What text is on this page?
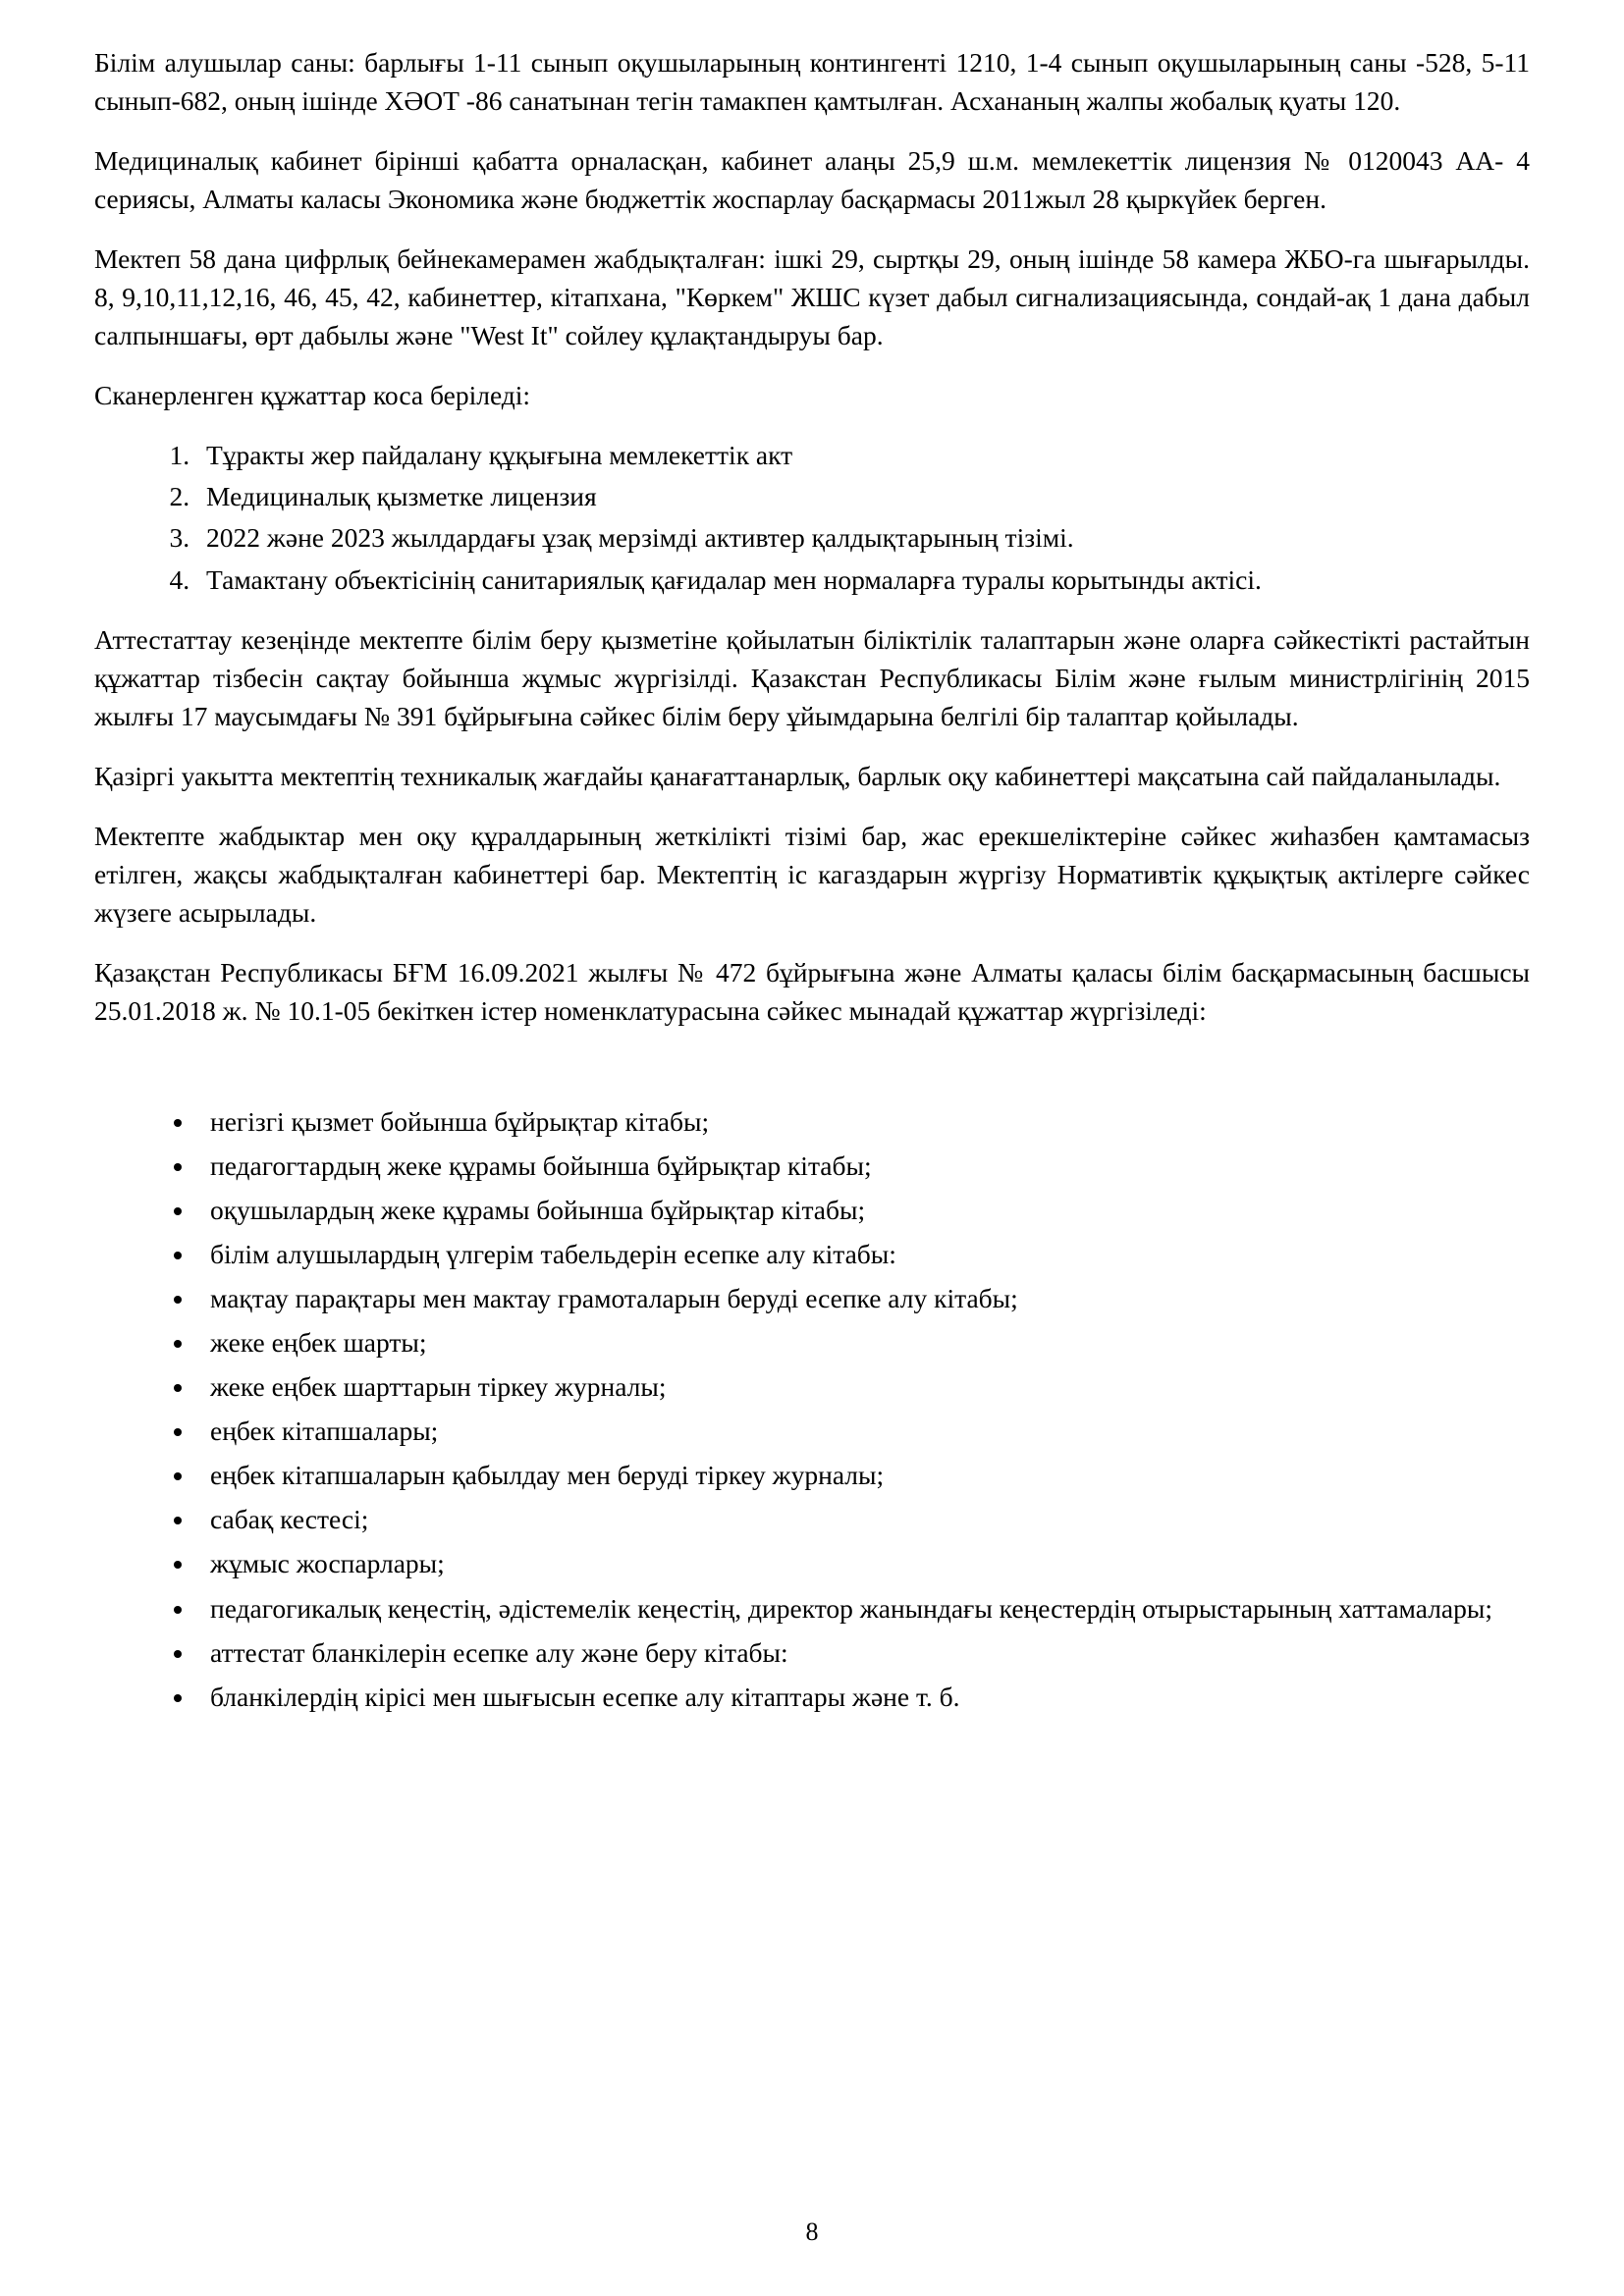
Білім алушылар саны: барлығы 1-11 сынып оқушыларының контингенті 1210, 1-4 сынып оқушыларының саны -528, 5-11 сынып-682, оның ішінде ХӘОТ -86 санатынан тегін тамакпен қамтылған. Асхананың жалпы жобалық қуаты 120.

Медициналық кабинет бірінші қабатта орналасқан, кабинет алаңы 25,9 ш.м. мемлекеттік лицензия № 0120043 АА- 4 сериясы, Алматы каласы Экономика және бюджеттік жоспарлау басқармасы 2011жыл 28 қыркүйек берген.

Мектеп 58 дана цифрлық бейнекамерамен жабдықталған: ішкі 29, сыртқы 29, оның ішінде 58 камера ЖБО-га шығарылды. 8, 9,10,11,12,16, 46, 45, 42, кабинеттер, кітапхана, "Көркем" ЖШС күзет дабыл сигнализациясында, сондай-ақ 1 дана дабыл салпыншағы, өрт дабылы және "West It" сойлеу құлақтандыруы бар.

Сканерленген құжаттар коса беріледі:

1. Тұракты жер пайдалану құқығына мемлекеттік акт
2. Медициналық қызметке лицензия
3. 2022 және 2023 жылдардағы ұзақ мерзімді активтер қалдықтарының тізімі.
4. Тамактану объектісінің санитариялық қағидалар мен нормаларға туралы корытынды актісі.

Аттестаттау кезеңінде мектепте білім беру қызметіне қойылатын біліктілік талаптарын және оларға сәйкестікті растайтын құжаттар тізбесін сақтау бойынша жұмыс жүргізілді. Қазакстан Республикасы Білім және ғылым министрлігінің 2015 жылғы 17 маусымдағы № 391 бұйрығына сәйкес білім беру ұйымдарына белгілі бір талаптар қойылады.

Қазіргі уакытта мектептің техникалық жағдайы қанағаттанарлық, барлык оқу кабинеттері мақсатына сай пайдаланылады.

Мектепте жабдыктар мен оқу құралдарының жеткілікті тізімі бар, жас ерекшеліктеріне сәйкес жиһазбен қамтамасыз етілген, жақсы жабдықталған кабинеттері бар. Мектептің іс кагаздарын жүргізу Нормативтік құқықтық актілерге сәйкес жүзеге асырылады.

Қазақстан Республикасы БҒМ 16.09.2021 жылғы № 472 бұйрығына және Алматы қаласы білім басқармасының басшысы 25.01.2018 ж. № 10.1-05 бекіткен істер номенклатурасына сәйкес мынадай құжаттар жүргізіледі:

• негізгі қызмет бойынша бұйрықтар кітабы;
• педагогтардың жеке құрамы бойынша бұйрықтар кітабы;
• оқушылардың жеке құрамы бойынша бұйрықтар кітабы;
• білім алушылардың үлгерім табельдерін есепке алу кітабы:
• мақтау парақтары мен мактау грамоталарын беруді есепке алу кітабы;
• жеке еңбек шарты;
• жеке еңбек шарттарын тіркеу журналы;
• еңбек кітапшалары;
• еңбек кітапшаларын қабылдау мен беруді тіркеу журналы;
• сабақ кестесі;
• жұмыс жоспарлары;
• педагогикалық кеңестің, әдістемелік кеңестің, директор жанындағы кеңестердің отырыстарының хаттамалары;
• аттестат бланкілерін есепке алу және беру кітабы:
• бланкілердің кірісі мен шығысын есепке алу кітаптары және т. б.
8
